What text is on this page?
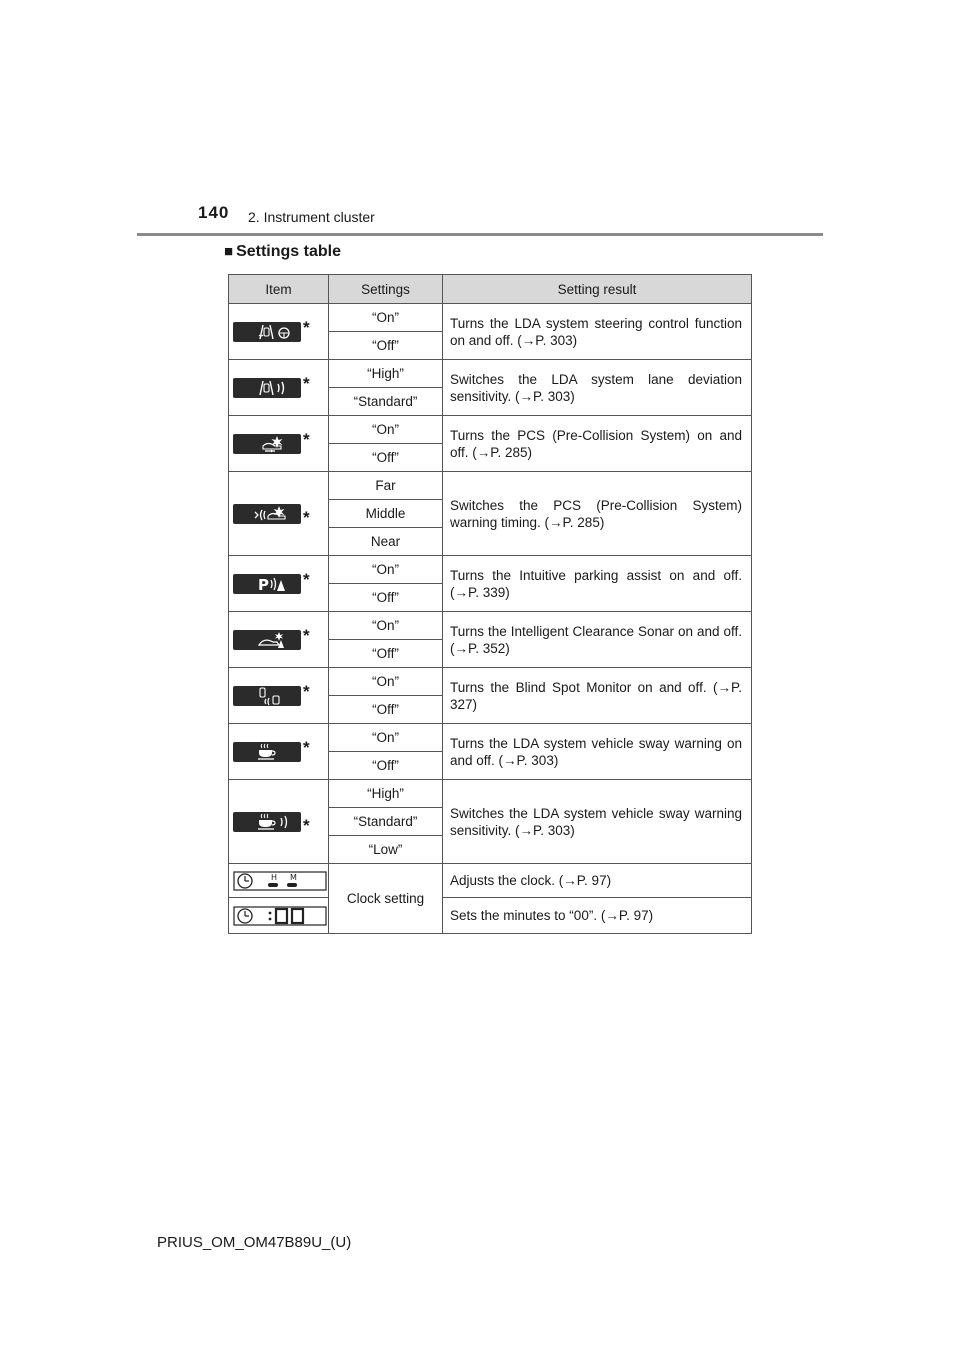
140 2. Instrument cluster
■ Settings table
Item	Settings	Setting result

*	“On”	Turns the LDA system steering control function on and off. (→P. 303)
	“Off”	

*	“High”	Switches the LDA system lane deviation sensitivity. (→P. 303)
	“Standard”	

*	“On”	Turns the PCS (Pre-Collision System) on and off. (→P. 285)
	“Off”	

*	Far	Switches the PCS (Pre-Collision System) warning timing. (→P. 285)
	Middle	
	Near	

P *	“On”	Turns the Intuitive parking assist on and off. (→P. 339)
	“Off”	

*	“On”	Turns the Intelligent Clearance Sonar on and off. (→P. 352)
	“Off”	

*	“On”	Turns the Blind Spot Monitor on and off. (→P. 327)
	“Off”	

*	“On”	Turns the LDA system vehicle sway warning on and off. (→P. 303)
	“Off”	

*	“High”	Switches the LDA system vehicle sway warning sensitivity. (→P. 303)
	“Standard”	
	“Low”	

H M	Clock setting	Adjusts the clock. (→P. 97)

	Sets the minutes to “00”. (→P. 97)
PRIUS_OM_OM47B89U_(U)
